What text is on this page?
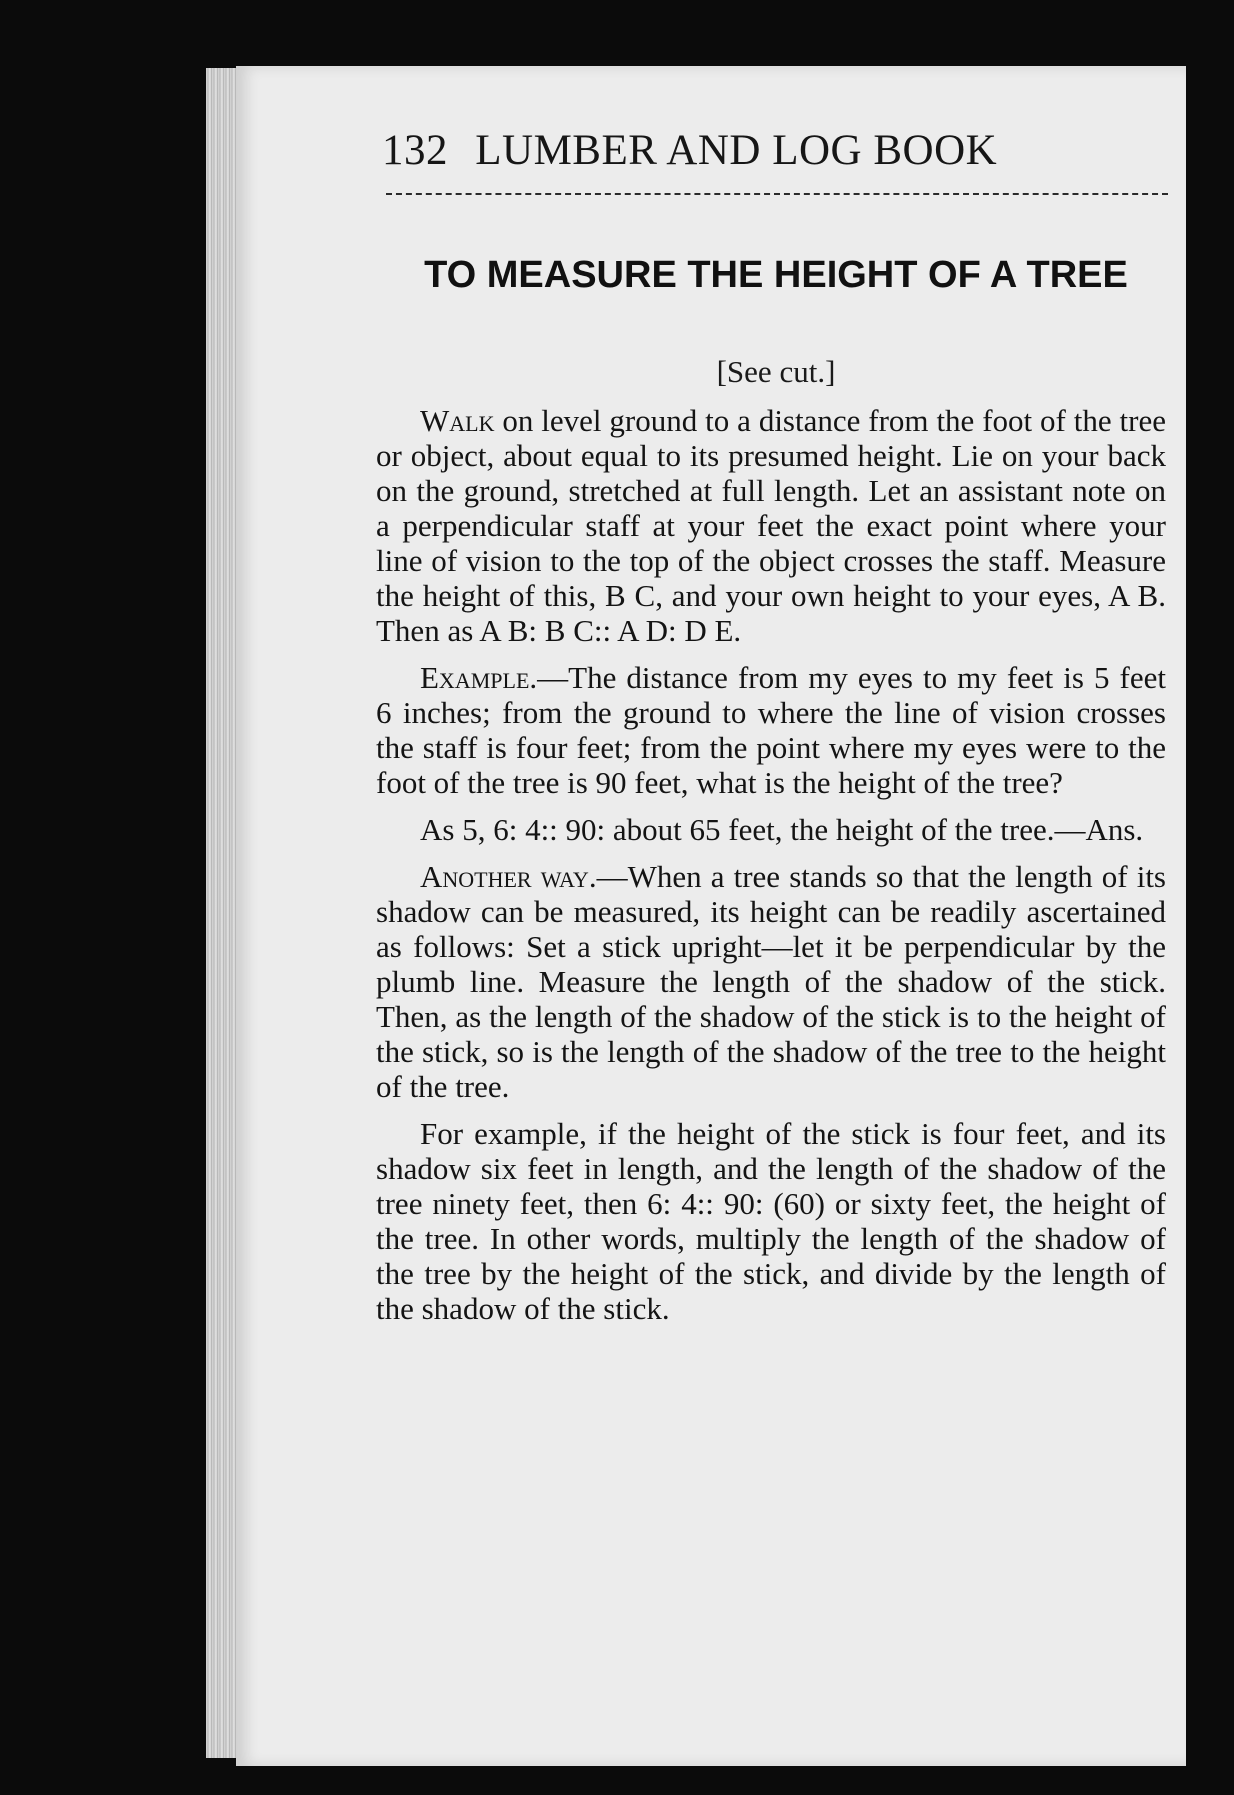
132 LUMBER AND LOG BOOK
TO MEASURE THE HEIGHT OF A TREE
[See cut.]

Walk on level ground to a distance from the foot of the tree or object, about equal to its presumed height. Lie on your back on the ground, stretched at full length. Let an assistant note on a perpendicular staff at your feet the exact point where your line of vision to the top of the object crosses the staff. Measure the height of this, B C, and your own height to your eyes, A B. Then as A B: B C:: A D: D E.

Example.—The distance from my eyes to my feet is 5 feet 6 inches; from the ground to where the line of vision crosses the staff is four feet; from the point where my eyes were to the foot of the tree is 90 feet, what is the height of the tree?

As 5, 6: 4:: 90: about 65 feet, the height of the tree.—Ans.

Another way.—When a tree stands so that the length of its shadow can be measured, its height can be readily ascertained as follows: Set a stick upright—let it be perpendicular by the plumb line. Measure the length of the shadow of the stick. Then, as the length of the shadow of the stick is to the height of the stick, so is the length of the shadow of the tree to the height of the tree.

For example, if the height of the stick is four feet, and its shadow six feet in length, and the length of the shadow of the tree ninety feet, then 6: 4:: 90: (60) or sixty feet, the height of the tree. In other words, multiply the length of the shadow of the tree by the height of the stick, and divide by the length of the shadow of the stick.
